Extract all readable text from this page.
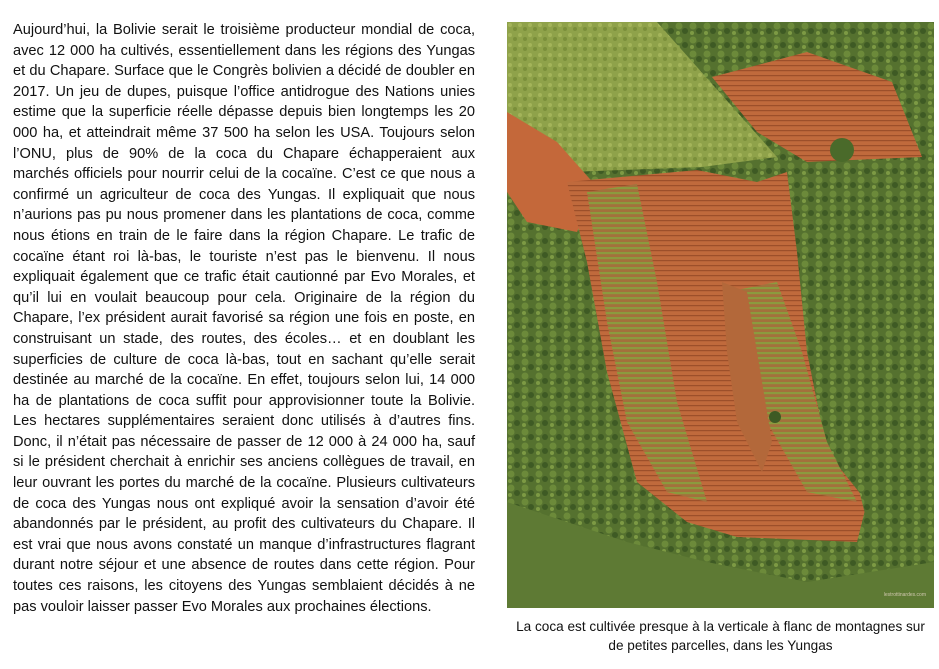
Aujourd’hui, la Bolivie serait le troisième producteur mondial de coca, avec 12 000 ha cultivés, essentiellement dans les régions des Yungas et du Chapare. Surface que le Congrès bolivien a décidé de doubler en 2017. Un jeu de dupes, puisque l’office antidrogue des Nations unies estime que la superficie réelle dépasse depuis bien longtemps les 20 000 ha, et atteindrait même 37 500 ha selon les USA. Toujours selon l’ONU, plus de 90% de la coca du Chapare échapperaient aux marchés officiels pour nourrir celui de la cocaïne. C’est ce que nous a confirmé un agriculteur de coca des Yungas. Il expliquait que nous n’aurions pas pu nous promener dans les plantations de coca, comme nous étions en train de le faire dans la région Chapare. Le trafic de cocaïne étant roi là-bas, le touriste n’est pas le bienvenu. Il nous expliquait également que ce trafic était cautionné par Evo Morales, et qu’il lui en voulait beaucoup pour cela. Originaire de la région du Chapare, l’ex président aurait favorisé sa région une fois en poste, en construisant un stade, des routes, des écoles… et en doublant les superficies de culture de coca là-bas, tout en sachant qu’elle serait destinée au marché de la cocaïne. En effet, toujours selon lui, 14 000 ha de plantations de coca suffit pour approvisionner toute la Bolivie. Les hectares supplémentaires seraient donc utilisés à d’autres fins. Donc, il n’était pas nécessaire de passer de 12 000 à 24 000 ha, sauf si le président cherchait à enrichir ses anciens collègues de travail, en leur ouvrant les portes du marché de la cocaïne. Plusieurs cultivateurs de coca des Yungas nous ont expliqué avoir la sensation d’avoir été abandonnés par le président, au profit des cultivateurs du Chapare. Il est vrai que nous avons constaté un manque d’infrastructures flagrant durant notre séjour et une absence de routes dans cette région. Pour toutes ces raisons, les citoyens des Yungas semblaient décidés à ne pas vouloir laisser passer Evo Morales aux prochaines élections.

lestrottinardes.com

La coca est cultivée presque à la verticale à flanc de montagnes sur de petites parcelles, dans les Yungas
